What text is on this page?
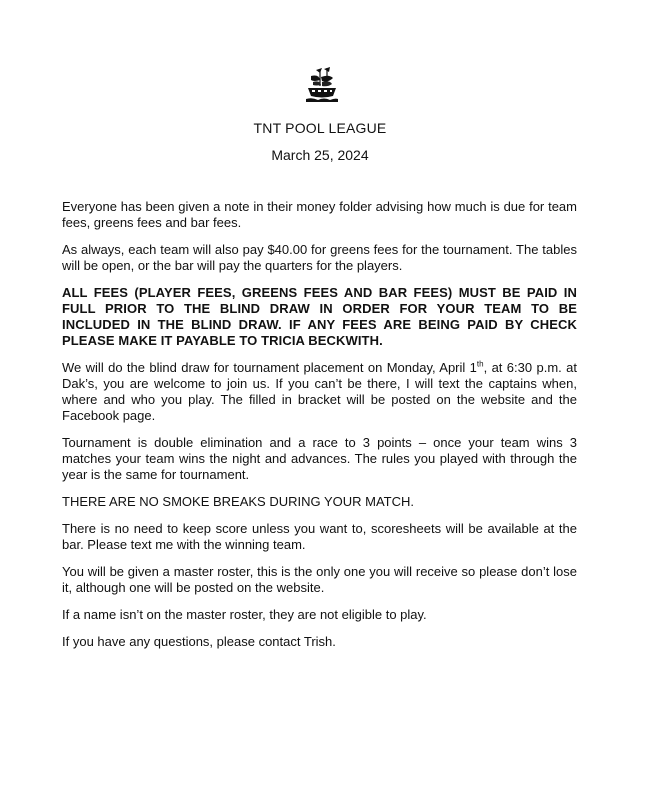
TNT POOL LEAGUE
March 25, 2024

Everyone has been given a note in their money folder advising how much is due for team fees, greens fees and bar fees.

As always, each team will also pay $40.00 for greens fees for the tournament. The tables will be open, or the bar will pay the quarters for the players.

ALL FEES (PLAYER FEES, GREENS FEES AND BAR FEES) MUST BE PAID IN FULL PRIOR TO THE BLIND DRAW IN ORDER FOR YOUR TEAM TO BE INCLUDED IN THE BLIND DRAW. IF ANY FEES ARE BEING PAID BY CHECK PLEASE MAKE IT PAYABLE TO TRICIA BECKWITH.

We will do the blind draw for tournament placement on Monday, April 1th, at 6:30 p.m. at Dak’s, you are welcome to join us. If you can’t be there, I will text the captains when, where and who you play. The filled in bracket will be posted on the website and the Facebook page.

Tournament is double elimination and a race to 3 points – once your team wins 3 matches your team wins the night and advances. The rules you played with through the year is the same for tournament.

THERE ARE NO SMOKE BREAKS DURING YOUR MATCH.

There is no need to keep score unless you want to, scoresheets will be available at the bar. Please text me with the winning team.

You will be given a master roster, this is the only one you will receive so please don’t lose it, although one will be posted on the website.

If a name isn’t on the master roster, they are not eligible to play.

If you have any questions, please contact Trish.
